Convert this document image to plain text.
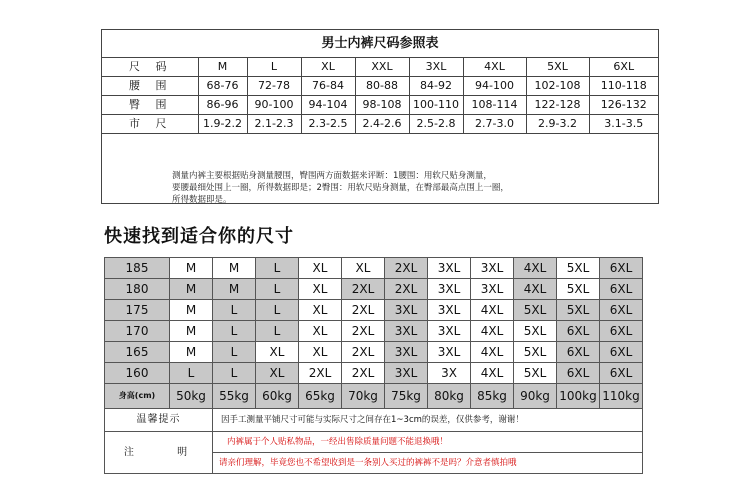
男士内裤尺码参照表
尺 码	M	L	XL	XXL	3XL	4XL	5XL	6XL
腰 围	68-76	72-78	76-84	80-88	84-92	94-100	102-108	110-118
臀 围	86-96	90-100	94-104	98-108	100-110	108-114	122-128	126-132
市 尺	1.9-2.2	2.1-2.3	2.3-2.5	2.4-2.6	2.5-2.8	2.7-3.0	2.9-3.2	3.1-3.5
测量内裤主要根据贴身测量腰围，臀围两方面数据来评断：1腰围：用软尺贴身测量，
要腰最细处围上一圈，所得数据即是；2臀围：用软尺贴身测量，在臀部最高点围上一圈，
所得数据即是。
快速找到适合你的尺寸
185	M	M	L	XL	XL	2XL	3XL	3XL	4XL	5XL	6XL
180	M	M	L	XL	2XL	2XL	3XL	3XL	4XL	5XL	6XL
175	M	L	L	XL	2XL	3XL	3XL	4XL	5XL	5XL	6XL
170	M	L	L	XL	2XL	3XL	3XL	4XL	5XL	6XL	6XL
165	M	L	XL	XL	2XL	3XL	3XL	4XL	5XL	6XL	6XL
160	L	L	XL	2XL	2XL	3XL	3X	4XL	5XL	6XL	6XL
身高(cm)	50kg	55kg	60kg	65kg	70kg	75kg	80kg	85kg	90kg	100kg	110kg
温馨提示		因手工测量平铺尺寸可能与实际尺寸之间存在1~3cm的误差，仅供参考，谢谢！									
注 明		内裤属于个人贴私物品，一经出售除质量问题不能退换哦！									
		请亲们理解，毕竟您也不希望收到是一条别人买过的裤裤不是吗？介意者慎拍哦									
